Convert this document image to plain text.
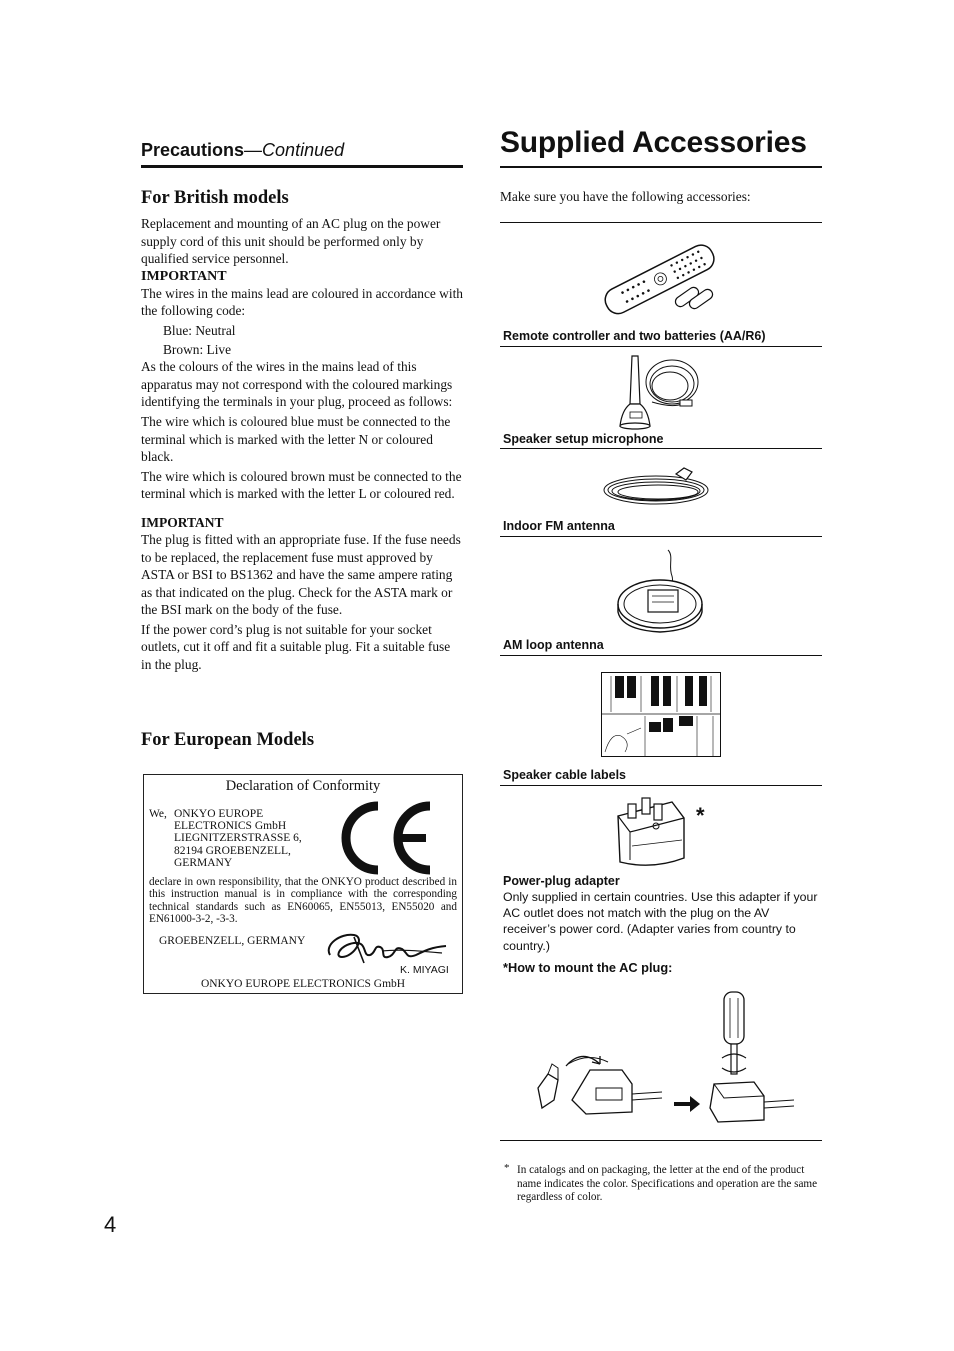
Precautions—Continued
For British models

Replacement and mounting of an AC plug on the power supply cord of this unit should be performed only by qualified service personnel.

IMPORTANT

The wires in the mains lead are coloured in accordance with the following code:

Blue: Neutral

Brown: Live

As the colours of the wires in the mains lead of this apparatus may not correspond with the coloured markings identifying the terminals in your plug, proceed as follows:

The wire which is coloured blue must be connected to the terminal which is marked with the letter N or coloured black.

The wire which is coloured brown must be connected to the terminal which is marked with the letter L or coloured red.

IMPORTANT

The plug is fitted with an appropriate fuse. If the fuse needs to be replaced, the replacement fuse must approved by ASTA or BSI to BS1362 and have the same ampere rating as that indicated on the plug. Check for the ASTA mark or the BSI mark on the body of the fuse.

If the power cord’s plug is not suitable for your socket outlets, cut it off and fit a suitable plug. Fit a suitable fuse in the plug.

For European Models
Declaration of Conformity
We, ONKYO EUROPE
ELECTRONICS GmbH
LIEGNITZERSTRASSE 6,
82194 GROEBENZELL,
GERMANY
declare in own responsibility, that the ONKYO product described in this instruction manual is in compliance with the corresponding technical standards such as EN60065, EN55013, EN55020 and EN61000-3-2, -3-3.
GROEBENZELL, GERMANY
K. MIYAGI
ONKYO EUROPE ELECTRONICS GmbH
4
Supplied Accessories
Make sure you have the following accessories:
Remote controller and two batteries (AA/R6)
Speaker setup microphone
Indoor FM antenna
AM loop antenna
Speaker cable labels
*
Power-plug adapter
Only supplied in certain countries. Use this adapter if your AC outlet does not match with the plug on the AV receiver’s power cord. (Adapter varies from country to country.)
*How to mount the AC plug:
* In catalogs and on packaging, the letter at the end of the product name indicates the color. Specifications and operation are the same regardless of color.
